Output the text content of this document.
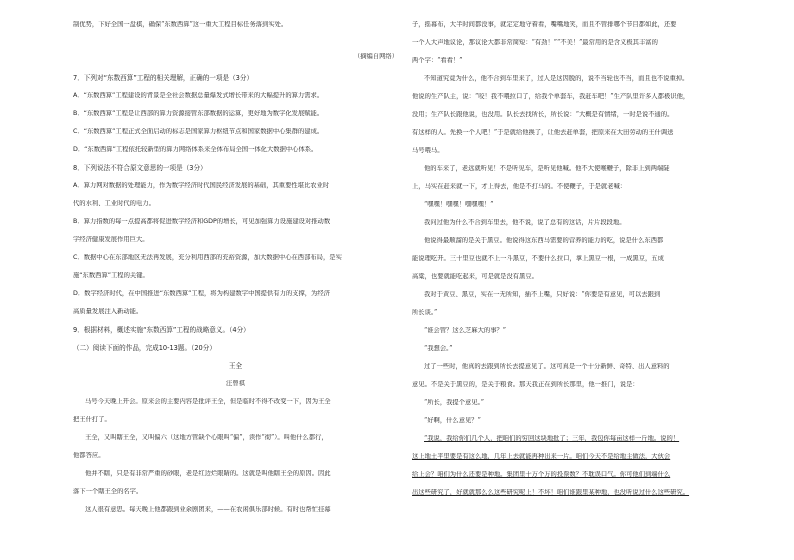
制优势，下好全国一盘棋，确保“东数西算”这一重大工程目标任务落到实处。
（摘编自网络）
7．下列对“东数西算”工程的相关理解，正确的一项是（3分）
A．“东数西算”工程建设的背景是全社会数据总量爆发式增长带来的大幅提升的算力需求。
B．“东数西算”工程是让西部的算力资源接管东部数据的运算，更好地为数字化发展赋能。
C．“东数西算”工程正式全面启动的标志是国家算力枢纽节点和国家数据中心集群的建成。
D．“东数西算”工程依托较新型的算力网络体系来全体布局全国一体化大数据中心体系。
8．下列说法不符合原文意思的一项是（3分）
A．算力网对数据的处理能力，作为数字经济时代国民经济发展的基础，其重要性堪比农业时
代的水利、工业时代的电力。
B．算力指数的每一点提高都将促进数字经济和GDP的增长，可见加强算力设施建设对推动数
字经济健康发展作用巨大。
C．数据中心在东部地区无法再发展，充分利用西部的充裕资源，加大数据中心在西部布局，是实
施“东数西算”工程的关键。
D．数字经济时代，在中国推进“东数西算”工程，将为构建数字中国提供有力的支撑，为经济
高质量发展注入新动能。
9．根据材料，概述实施“东数西算”工程的战略意义。（4分）
（二）阅读下面的作品，完成10-13题。（20分）
王全
汪曾祺
马号今天晚上开会。原来会的主要内容是批评王全，但是临时不得不改变一下，因为王全
把王什打了。
王全，又叫瞎王全，又叫偏六（这地方管缺个心眼叫“偏”，读作“彻”）。叫他什么都行，
他都答应。
他并不瞎，只是有非常严重的砂眼，老是红边烂眼睛的。这就是叫他瞎王全的原因。因此
落下一个瞎王全的名字。
这人很有意思。每天晚上他都跟到业余剧团来，——在农闲俱乐部时候。有时也帮忙挂幕
子，摇幕布，大半时间都没事，就定定地守着看，嘴嘴地笑，而且不管排哪个节目都如此，还要
一个人大声地议论，那议论大都非常简短：“有劲！”“不美！”最常用的是含义极其丰富的
两个字：“看看！”
不知道究竟为什么，他不合到车里来了，过人是这因脱的，说不当轮也不当，而且也不说重掉。
他说的生产队主，说：“咬！我不喂拉口了，给我个单套车，我赶车吧！”生产队里许多人都极识他，
没用；生产队长跟他说，也没用。队长去找所长，所长说：“大概是有情绪，一时是说不通的。
有这样的人。先换一个人吧！”于是就给他换了，让他去赶单套，把原来在大田劳动的王什调送
马号喂马。
他的车来了，老远就听见！不是听见车，是听见他喊。他不大使喉鞭子，除非上到两端陡
上，马实在赶来就一下，才上得去，他是不打马的。不使鞭子，于是就老喊：
“嘿嘿！嘿嘿！嘿嘿嘿！”
我问过他为什么不合到车里去，他不说，说了总有的这话，片片段段地。
他说得最顺溜的是关于黑豆。他说得这东西马需要的营养的能力的吃，说是什么东西都
能说理吃开。三十里豆也就不上一斗黑豆，不要什么拉口，拿上黑豆一根，一成黑豆，五成
高粱，也要就能吃起来，可是就是没有黑豆。
我对于黄豆、黑豆，实在一无所知，插不上嘴，只好说：“你要是有意见，可以去跟到
所长谈。”
“谁会管？这么芝麻大的事？”
“我想会。”
过了一些时，他真的去跟到所长去提意见了。这可真是一个十分新鲜、奇特、出人意料的
意见。不是关于黑豆的，是关于粮食。那天我正在到所长那里，他一推门，说是：
“所长，我提个意见。”
“好啊，什么意见？”
“我说，我给你们几个人，把咱们的穷回这块地批了；三年，我包你每亩这样一斤地。说的！
这上地土平里要是有这么地，几年上去就能再种出来一片。咱们今天不是给地主做法，大伙会
给上会？咱们为什么还要是种地。集团里十万个万的投票数？不耽误口气。你可他们到端什么
出这些研究了，好就就那么么这些研究呢上！不坏！咱们谁跟里某种地，也没听说过什么这些研究。
